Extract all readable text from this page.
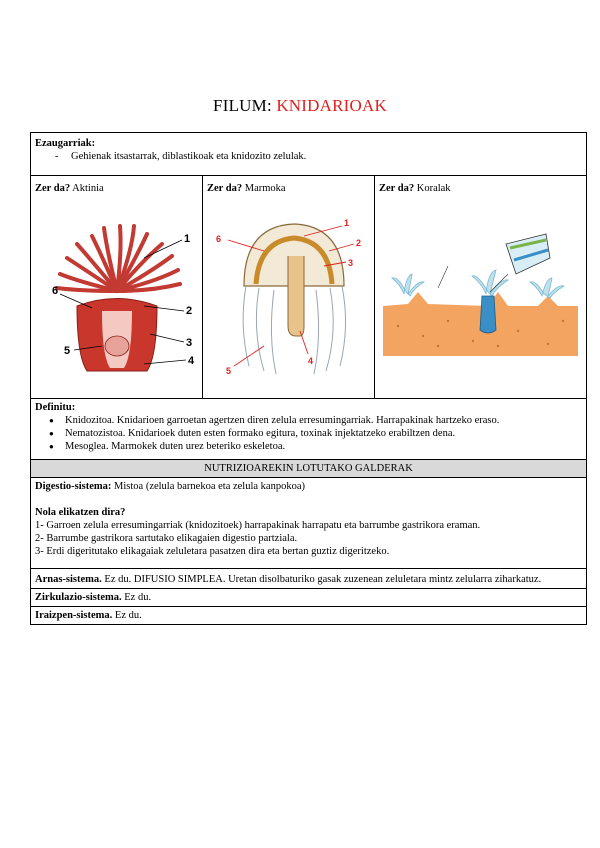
FILUM: KNIDARIOAK
Ezaugarriak:
- Gehienak itsastarrak, diblastikoak eta knidozito zelulak.

Zer da? Aktinia
1
2
3
4
5
6

Zer da? Marmoka
1
2
3
4
5
6

Zer da? Koralak

Definitu:
● Knidozitoa. Knidarioen garroetan agertzen diren zelula erresumingarriak. Harrapakinak hartzeko eraso.
● Nematozistoa. Knidarioek duten esten formako egitura, toxinak injektatzeko erabiltzen dena.
● Mesoglea. Marmokek duten urez beteriko eskeletoa.

NUTRIZIOAREKIN LOTUTAKO GALDERAK

Digestio-sistema: Mistoa (zelula barnekoa eta zelula kanpokoa)
Nola elikatzen dira?
1- Garroen zelula erresumingarriak (knidozitoek) harrapakinak harrapatu eta barrumbe gastrikora eraman.
2- Barrumbe gastrikora sartutako elikagaien digestio partziala.
3- Erdi digeritutako elikagaiak zeluletara pasatzen dira eta bertan guztiz digeritzeko.

Arnas-sistema. Ez du. DIFUSIO SIMPLEA. Uretan disolbaturiko gasak zuzenean zeluletara mintz zelularra ziharkatuz.
Zirkulazio-sistema. Ez du.
Iraizpen-sistema. Ez du.
